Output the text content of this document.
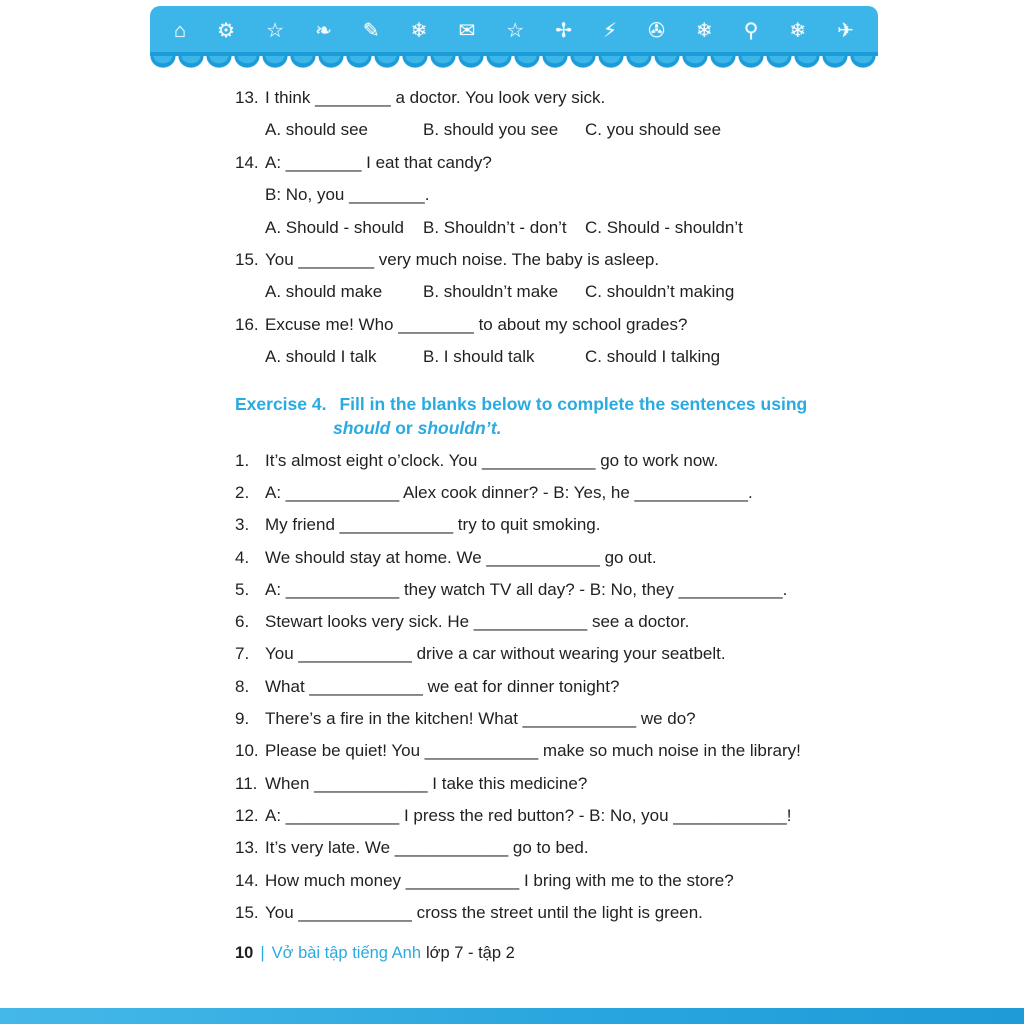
⌂ ⚙ ☆ ❧ ✎ ❄ ✉ ☆ ✢ ⚡ ✇ ❄ ⚲ ❄ ✈
13. I think ________ a doctor. You look very sick.
A. should see	B. should you see	C. you should see
14. A: ________ I eat that candy?
B: No, you ________.
A. Should - should	B. Shouldn’t - don’t	C. Should - shouldn’t
15. You ________ very much noise. The baby is asleep.
A. should make	B. shouldn’t make	C. shouldn’t making
16. Excuse me! Who ________ to about my school grades?
A. should I talk	B. I should talk	C. should I talking
Exercise 4. Fill in the blanks below to complete the sentences using
should or shouldn’t.
1. It’s almost eight o’clock. You ____________ go to work now.
2. A: ____________ Alex cook dinner? - B: Yes, he ____________.
3. My friend ____________ try to quit smoking.
4. We should stay at home. We ____________ go out.
5. A: ____________ they watch TV all day? - B: No, they ___________.
6. Stewart looks very sick. He ____________ see a doctor.
7. You ____________ drive a car without wearing your seatbelt.
8. What ____________ we eat for dinner tonight?
9. There’s a fire in the kitchen! What ____________ we do?
10. Please be quiet! You ____________ make so much noise in the library!
11. When ____________ I take this medicine?
12. A: ____________ I press the red button? - B: No, you ____________!
13. It’s very late. We ____________ go to bed.
14. How much money ____________ I bring with me to the store?
15. You ____________ cross the street until the light is green.
10 | Vở bài tập tiếng Anh lớp 7 - tập 2
